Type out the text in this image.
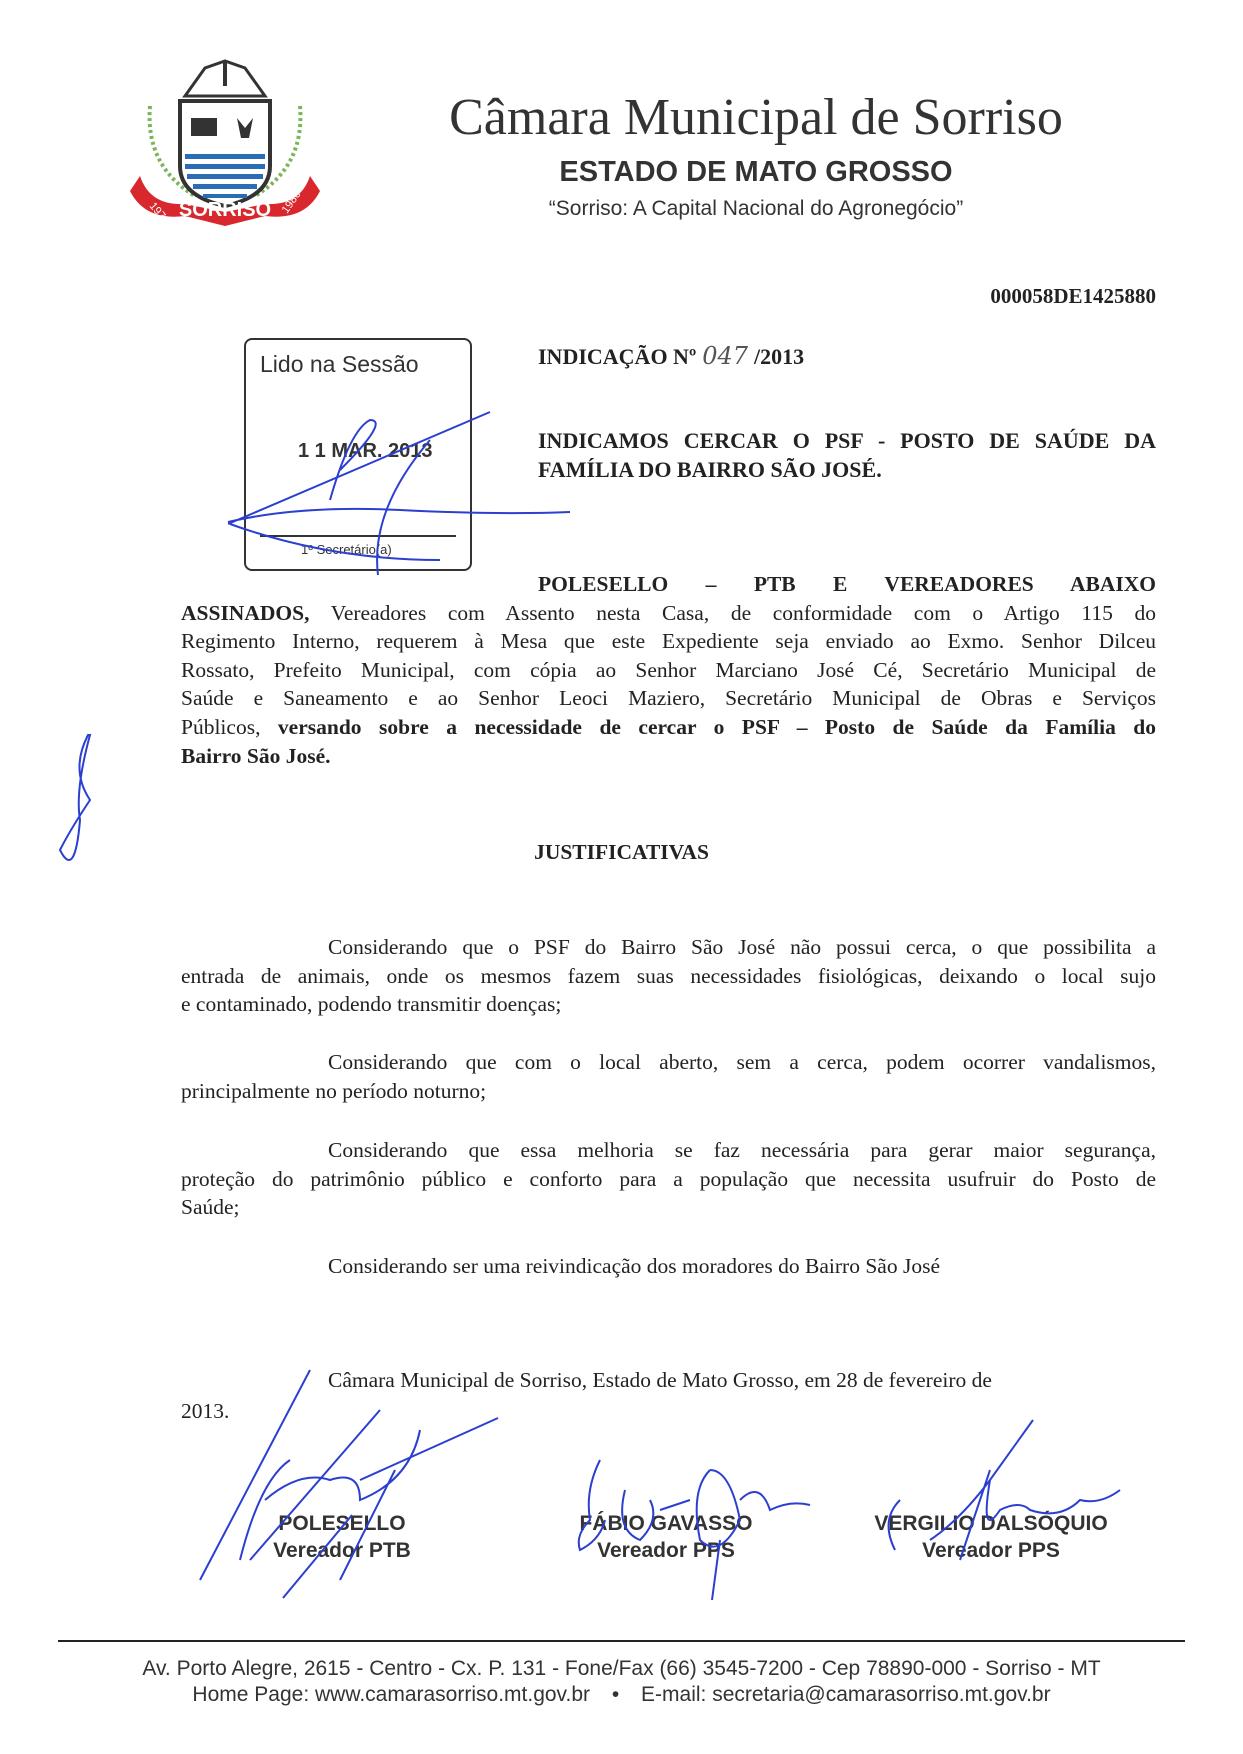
SORRISO
1979	1986
Câmara Municipal de Sorriso
ESTADO DE MATO GROSSO
“Sorriso: A Capital Nacional do Agronegócio”
000058DE1425880
Lido na Sessão
1 1 MAR. 2013
1º Secretário(a)
INDICAÇÃO Nº 047 /2013
INDICAMOS CERCAR O PSF - POSTO DE SAÚDE DA
FAMÍLIA DO BAIRRO SÃO JOSÉ.
POLESELLO – PTB E VEREADORES ABAIXO
ASSINADOS, Vereadores com Assento nesta Casa, de conformidade com o Artigo 115 do
Regimento Interno, requerem à Mesa que este Expediente seja enviado ao Exmo. Senhor Dilceu
Rossato, Prefeito Municipal, com cópia ao Senhor Marciano José Cé, Secretário Municipal de
Saúde e Saneamento e ao Senhor Leoci Maziero, Secretário Municipal de Obras e Serviços
Públicos, versando sobre a necessidade de cercar o PSF – Posto de Saúde da Família do
Bairro São José.
JUSTIFICATIVAS
Considerando que o PSF do Bairro São José não possui cerca, o que possibilita a
entrada de animais, onde os mesmos fazem suas necessidades fisiológicas, deixando o local sujo
e contaminado, podendo transmitir doenças;
Considerando que com o local aberto, sem a cerca, podem ocorrer vandalismos,
principalmente no período noturno;
Considerando que essa melhoria se faz necessária para gerar maior segurança,
proteção do patrimônio público e conforto para a população que necessita usufruir do Posto de
Saúde;
Considerando ser uma reivindicação dos moradores do Bairro São José
Câmara Municipal de Sorriso, Estado de Mato Grosso, em 28 de fevereiro de
2013.
POLESELLO
Vereador PTB
FÁBIO GAVASSO
Vereador PPS
VERGILIO DALSÓQUIO
Vereador PPS
Av. Porto Alegre, 2615 - Centro - Cx. P. 131 - Fone/Fax (66) 3545-7200 - Cep 78890-000 - Sorriso - MT
Home Page: www.camarasorriso.mt.gov.br • E-mail: secretaria@camarasorriso.mt.gov.br
